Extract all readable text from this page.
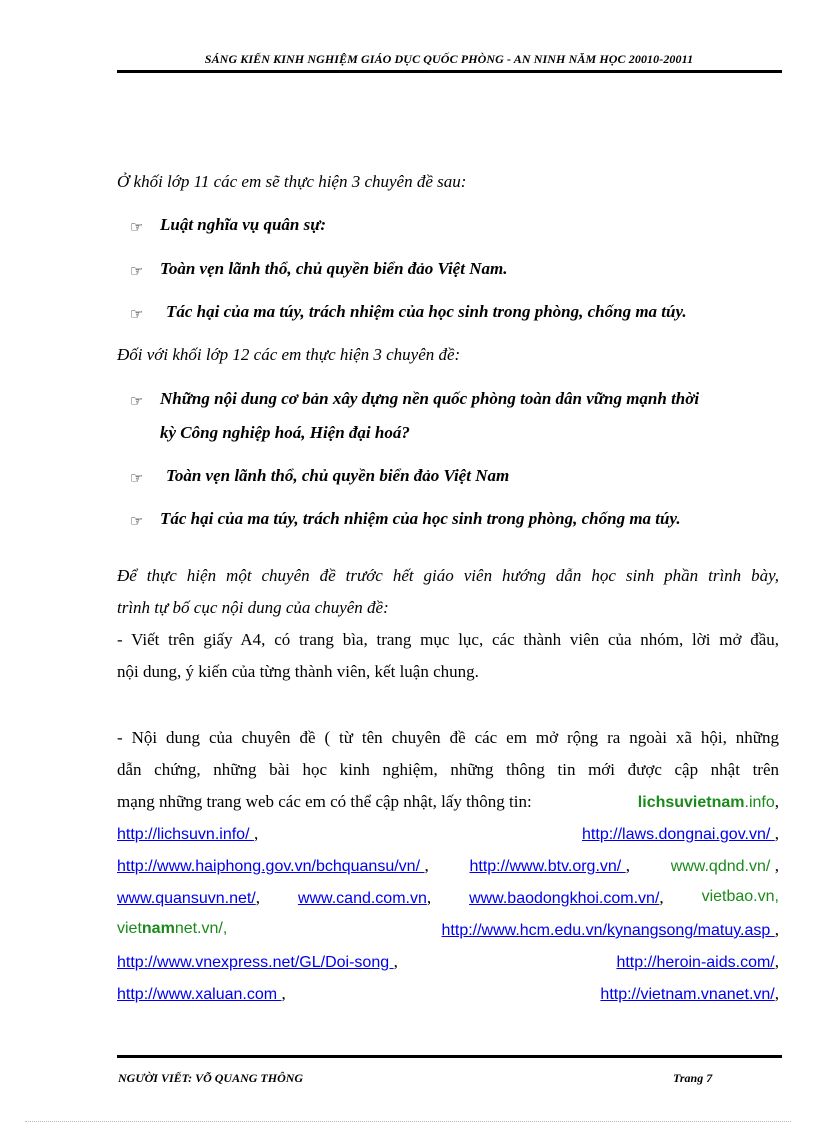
SÁNG KIẾN KINH NGHIỆM GIÁO DỤC QUỐC PHÒNG - AN NINH NĂM HỌC 20010-20011
Ở khối lớp 11 các em sẽ thực hiện 3 chuyên đề sau:
☞ Luật nghĩa vụ quân sự:
☞ Toàn vẹn lãnh thổ, chủ quyền biển đảo Việt Nam.
☞ Tác hại của ma túy, trách nhiệm của học sinh trong phòng, chống ma túy.
Đối với khối lớp 12 các em thực hiện 3 chuyên đề:
☞ Những nội dung cơ bản xây dựng nền quốc phòng toàn dân vững mạnh thời
kỳ Công nghiệp hoá, Hiện đại hoá?
☞ Toàn vẹn lãnh thổ, chủ quyền biển đảo Việt Nam
☞ Tác hại của ma túy, trách nhiệm của học sinh trong phòng, chống ma túy.
Để thực hiện một chuyên đề trước hết giáo viên hướng dẫn học sinh phần trình bày,
trình tự bố cục nội dung của chuyên đề:
- Viết trên giấy A4, có trang bìa, trang mục lục, các thành viên của nhóm, lời mở đầu,
nội dung, ý kiến của từng thành viên, kết luận chung.
- Nội dung của chuyên đề ( từ tên chuyên đề các em mở rộng ra ngoài xã hội, những
dẫn chứng, những bài học kinh nghiệm, những thông tin mới được cập nhật trên
mạng những trang web các em có thể cập nhật, lấy thông tin:	lichsuvietnam.info,
http://lichsuvn.info/ ,	http://laws.dongnai.gov.vn/ ,
http://www.haiphong.gov.vn/bchquansu/vn/ ,	http://www.btv.org.vn/ ,	www.qdnd.vn/ ,
www.quansuvn.net/, www.cand.com.vn, www.baodongkhoi.com.vn/, vietbao.vn,
vietnamnet.vn/,	http://www.hcm.edu.vn/kynangsong/matuy.asp ,
http://www.vnexpress.net/GL/Doi-song ,	http://heroin-aids.com/,
http://www.xaluan.com ,	http://vietnam.vnanet.vn/,
NGƯỜI VIẾT: VÕ QUANG THÔNG	Trang 7
